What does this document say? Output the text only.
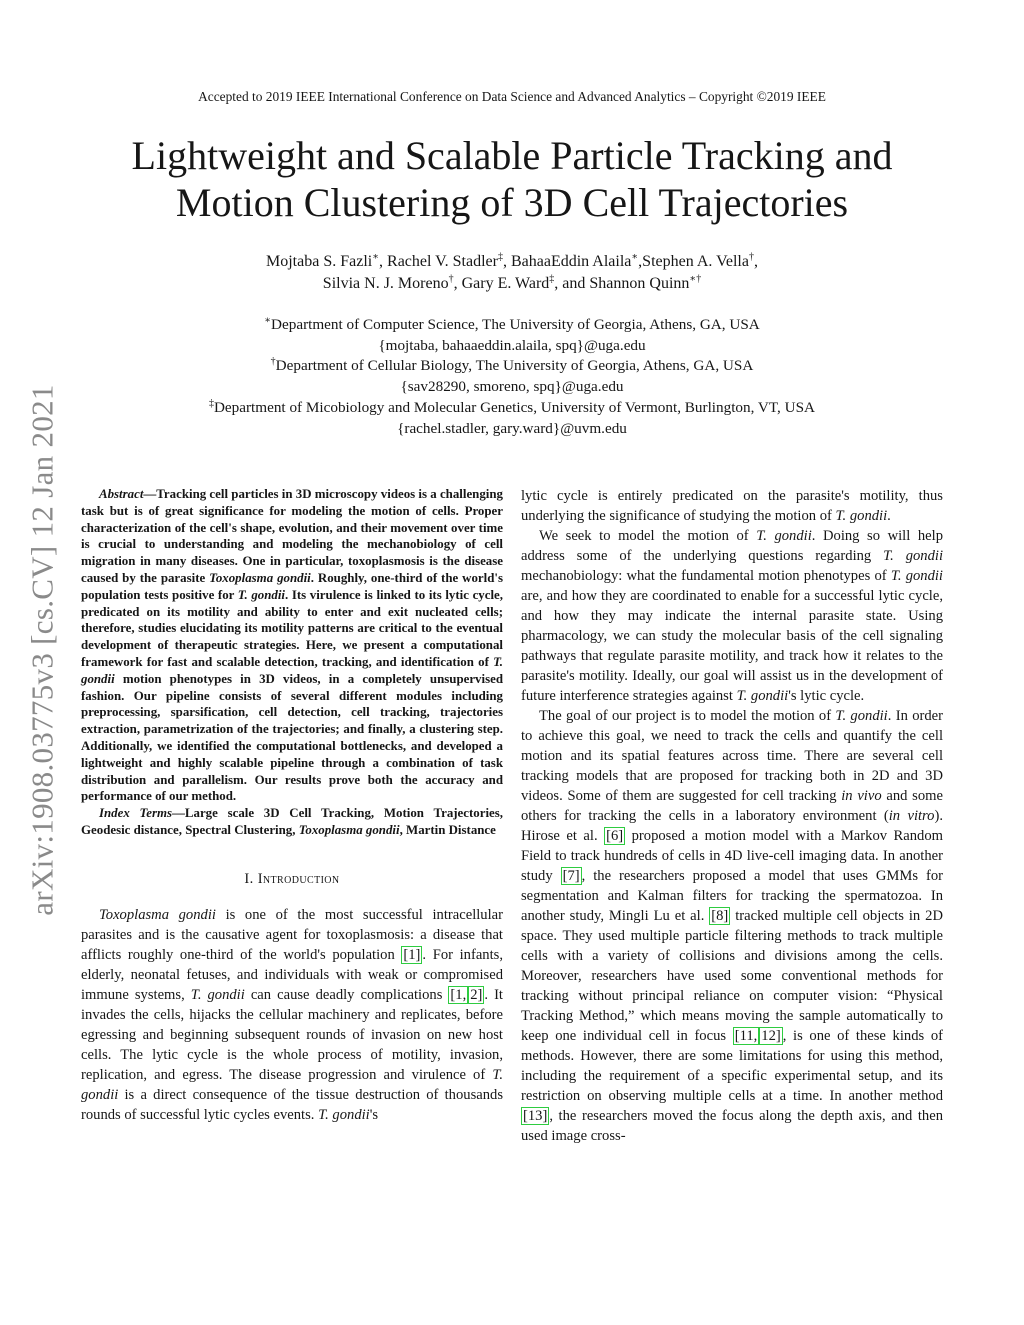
arXiv:1908.03775v3 [cs.CV] 12 Jan 2021
Accepted to 2019 IEEE International Conference on Data Science and Advanced Analytics – Copyright ©2019 IEEE
Lightweight and Scalable Particle Tracking and
Motion Clustering of 3D Cell Trajectories
Mojtaba S. Fazli∗, Rachel V. Stadler‡, BahaaEddin Alaila∗,Stephen A. Vella†,
Silvia N. J. Moreno†, Gary E. Ward‡, and Shannon Quinn∗†
∗Department of Computer Science, The University of Georgia, Athens, GA, USA
{mojtaba, bahaaeddin.alaila, spq}@uga.edu
†Department of Cellular Biology, The University of Georgia, Athens, GA, USA
{sav28290, smoreno, spq}@uga.edu
‡Department of Micobiology and Molecular Genetics, University of Vermont, Burlington, VT, USA
{rachel.stadler, gary.ward}@uvm.edu

Abstract—Tracking cell particles in 3D microscopy videos is a challenging task but is of great significance for modeling the motion of cells. Proper characterization of the cell's shape, evolution, and their movement over time is crucial to understanding and modeling the mechanobiology of cell migration in many diseases. One in particular, toxoplasmosis is the disease caused by the parasite Toxoplasma gondii. Roughly, one-third of the world's population tests positive for T. gondii. Its virulence is linked to its lytic cycle, predicated on its motility and ability to enter and exit nucleated cells; therefore, studies elucidating its motility patterns are critical to the eventual development of therapeutic strategies. Here, we present a computational framework for fast and scalable detection, tracking, and identification of T. gondii motion phenotypes in 3D videos, in a completely unsupervised fashion. Our pipeline consists of several different modules including preprocessing, sparsification, cell detection, cell tracking, trajectories extraction, parametrization of the trajectories; and finally, a clustering step. Additionally, we identified the computational bottlenecks, and developed a lightweight and highly scalable pipeline through a combination of task distribution and parallelism. Our results prove both the accuracy and performance of our method.

Index Terms—Large scale 3D Cell Tracking, Motion Trajectories, Geodesic distance, Spectral Clustering, Toxoplasma gondii, Martin Distance

I. Introduction

Toxoplasma gondii is one of the most successful intracellular parasites and is the causative agent for toxoplasmosis: a disease that afflicts roughly one-third of the world's population [1] . For infants, elderly, neonatal fetuses, and individuals with weak or compromised immune systems, T. gondii can cause deadly complications [1, 2] . It invades the cells, hijacks the cellular machinery and replicates, before egressing and beginning subsequent rounds of invasion on new host cells. The lytic cycle is the whole process of motility, invasion, replication, and egress. The disease progression and virulence of T. gondii is a direct consequence of the tissue destruction of thousands rounds of successful lytic cycles events. T. gondii's

lytic cycle is entirely predicated on the parasite's motility, thus underlying the significance of studying the motion of T. gondii.

We seek to model the motion of T. gondii. Doing so will help address some of the underlying questions regarding T. gondii mechanobiology: what the fundamental motion phenotypes of T. gondii are, and how they are coordinated to enable for a successful lytic cycle, and how they may indicate the internal parasite state. Using pharmacology, we can study the molecular basis of the cell signaling pathways that regulate parasite motility, and track how it relates to the parasite's motility. Ideally, our goal will assist us in the development of future interference strategies against T. gondii's lytic cycle.

The goal of our project is to model the motion of T. gondii. In order to achieve this goal, we need to track the cells and quantify the cell motion and its spatial features across time. There are several cell tracking models that are proposed for tracking both in 2D and 3D videos. Some of them are suggested for cell tracking in vivo and some others for tracking the cells in a laboratory environment (in vitro). Hirose et al. [6] proposed a motion model with a Markov Random Field to track hundreds of cells in 4D live-cell imaging data. In another study [7] , the researchers proposed a model that uses GMMs for segmentation and Kalman filters for tracking the spermatozoa. In another study, Mingli Lu et al. [8] tracked multiple cell objects in 2D space. They used multiple particle filtering methods to track multiple cells with a variety of collisions and divisions among the cells. Moreover, researchers have used some conventional methods for tracking without principal reliance on computer vision: “Physical Tracking Method,” which means moving the sample automatically to keep one individual cell in focus [11, 12] , is one of these kinds of methods. However, there are some limitations for using this method, including the requirement of a specific experimental setup, and its restriction on observing multiple cells at a time. In another method [13] , the researchers moved the focus along the depth axis, and then used image cross-
